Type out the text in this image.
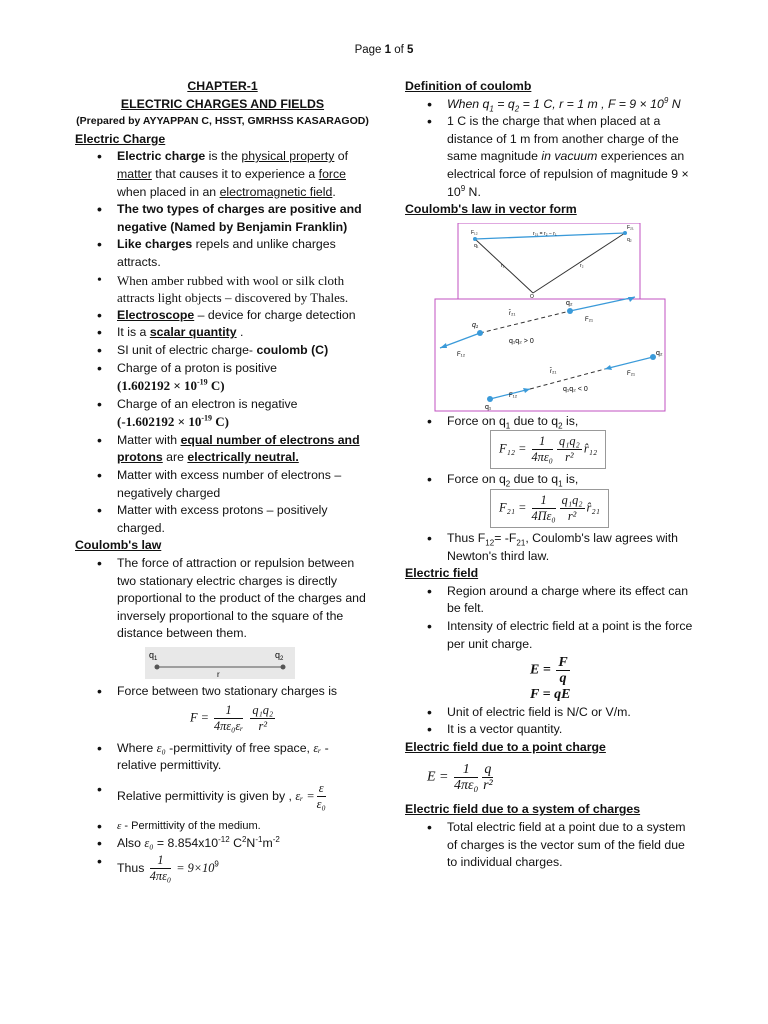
Page 1 of 5
CHAPTER-1
ELECTRIC CHARGES AND FIELDS
(Prepared by AYYAPPAN C, HSST, GMRHSS KASARAGOD)
Electric Charge
• Electric charge is the physical property of matter that causes it to experience a force when placed in an electromagnetic field.
• The two types of charges are positive and negative (Named by Benjamin Franklin)
• Like charges repels and unlike charges attracts.
• When amber rubbed with wool or silk cloth attracts light objects – discovered by Thales.
• Electroscope – device for charge detection
• It is a scalar quantity .
• SI unit of electric charge- coulomb (C)
• Charge of a proton is positive
($1.602192 \times 10^{-19}$ C)
• Charge of an electron is negative
($-1.602192 \times 10^{-19}$ C)
• Matter with equal number of electrons and protons are electrically neutral.
• Matter with excess number of electrons – negatively charged
• Matter with excess protons – positively charged.
Coulomb's law
• The force of attraction or repulsion between two stationary electric charges is directly proportional to the product of the charges and inversely proportional to the square of the distance between them.
$q_1$	$q_2$
r
• Force between two stationary charges is
$F = \frac{1}{\text{4πε₀εᵣ}}$
$\frac{\text{q₁q₂}}{\text{r²}}$
• Where ε₀ -permittivity of free space, εᵣ - relative permittivity.
• Relative permittivity is given by , εᵣ = $\frac{\varepsilon}{\text{ε₀}}$
• ε - Permittivity of the medium.
• Also $\varepsilon_0 = 8.854x10^{-12}$ $C^2N^{-1}m^{-2}$
• Thus $\frac{1}{\text{4πε₀}} = 9\times 10^9$
Definition of coulomb
• When $q_1 = q_2 = 1$ C, r = 1 m , $F = 9 \times 10^9$ N
• 1 C is the charge that when placed at a distance of 1 m from another charge of the same magnitude in vacuum experiences an electrical force of repulsion of magnitude $9 \times 10^9$ N.
Coulomb's law in vector form
F₁₂
q₁
F₂₁
q₂
r₂₁ = r₂ − r₁
r₁	r₂
O
q₁
q₂
F₁₂
F₂₁
r̂₂₁
q₁q₂ > 0
q₁
q₂
F₁₂
F₂₁
r̂₂₁
q₁q₂ < 0
• Force on $q_1$ due to $q_2$ is,
$F_{12} = \frac{1}{\text{4πε₀}} \frac{\text{q₁q₂}}{\text{r²}}$ r̂₁₂
• Force on $q_2$ due to $q_1$ is,
$F_{21} = \frac{1}{\text{4Πε₀}} \frac{\text{q₁q₂}}{\text{r²}}$ r̂₂₁
• Thus $F_{12}= -F_{21}$, Coulomb's law agrees with Newton's third law.
Electric field
• Region around a charge where its effect can be felt.
• Intensity of electric field at a point is the force per unit charge.
$E = \frac{F}{q}$
F = qE
• Unit of electric field is N/C or V/m.
• It is a vector quantity.
Electric field due to a point charge
$E = \frac{1}{\text{4πε₀}} \frac{q}{\text{r²}}$
Electric field due to a system of charges
• Total electric field at a point due to a system of charges is the vector sum of the field due to individual charges.
